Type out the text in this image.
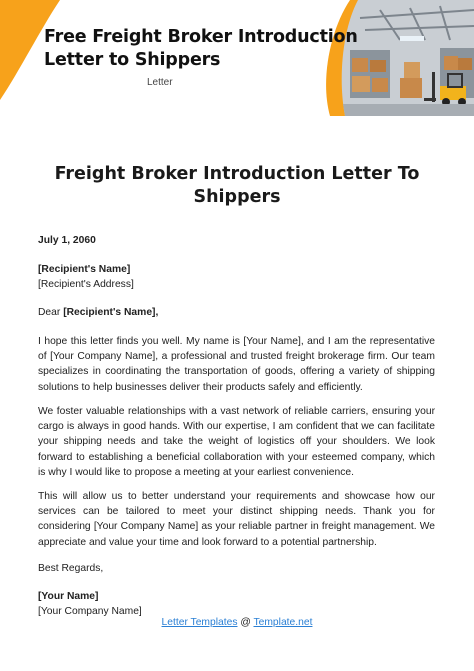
Free Freight Broker Introduction
Letter to Shippers
Letter
Freight Broker Introduction Letter To
Shippers
July 1, 2060

[Recipient's Name]

[Recipient's Address]

Dear [Recipient's Name],
I hope this letter finds you well. My name is [Your Name], and I am the representative of [Your Company Name], a professional and trusted freight brokerage firm. Our team specializes in coordinating the transportation of goods, offering a variety of shipping solutions to help businesses deliver their products safely and efficiently.
We foster valuable relationships with a vast network of reliable carriers, ensuring your cargo is always in good hands. With our expertise, I am confident that we can facilitate your shipping needs and take the weight of logistics off your shoulders. We look forward to establishing a beneficial collaboration with your esteemed company, which is why I would like to propose a meeting at your earliest convenience.
This will allow us to better understand your requirements and showcase how our services can be tailored to meet your distinct shipping needs. Thank you for considering [Your Company Name] as your reliable partner in freight management. We appreciate and value your time and look forward to a potential partnership.
Best Regards,

[Your Name]

[Your Company Name]

Letter Templates @ Template.net
